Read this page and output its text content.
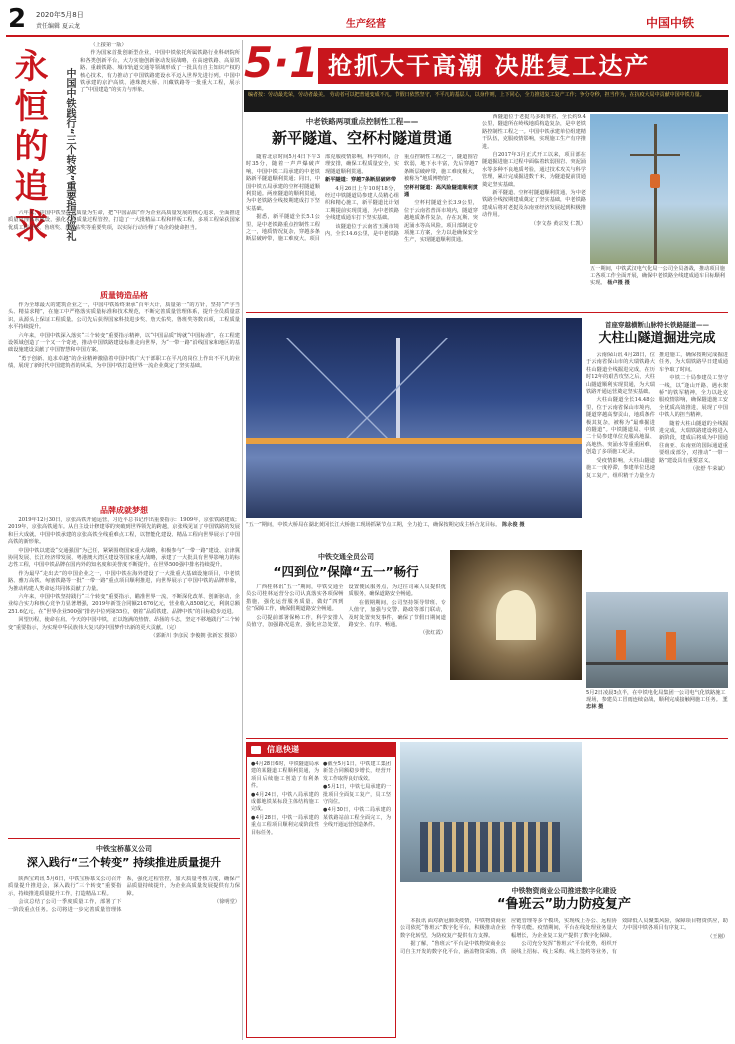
2 2020年5月8日
责任编辑 夏云龙	生产经营	中国中铁
5·1 抢抓大干高潮 决胜复工达产
编者按：劳动最光荣，劳动者最美。 劳动者可以把普通变成不凡。节假日依然坚守，不平凡的基层人，以身作则，上下同心，全力推进复工复产工作；争分夺秒，担当作为，在抗疫大局中贡献中国中铁力量。
永恒的追求	中国中铁践行“三个转变”重要指示巡礼

（上接第一版）

作为国家首批创新型企业，中国中铁依托所属铁路行业科研院所和各类创新平台，大力实施创新驱动发展战略，在高速铁路、高原铁路、重载铁路、城市轨道交通等领域形成了一批具有自主知识产权的核心技术，有力推动了中国铁路建设水平迈入世界先进行列。中国中铁承建的京沪高铁、港珠澳大桥、川藏铁路等一批重大工程，展示了“中国建造”的实力与形象。

六年来，中国中铁坚持以质量为生命，把“中国品质”作为企业高质量发展的核心追求，全面推进质量管理体系建设，强化工程质量过程管控，打造了一大批精品工程和样板工程，多项工程荣获国家优质工程金奖、鲁班奖、詹天佑奖等重要奖项，以实际行动诠释了央企的使命担当。

质量铸造品格

作为全球最大的建筑企业之一，中国中铁始终秉承“百年大计，质量第一”的方针，坚持“严字当头、精益求精”，在施工中严格落实质量标准和技术规范，不断完善质量管理体系，提升全员质量意识，从源头上保证工程质量。公司先后获得国家科技进步奖、詹天佑奖、鲁班奖等数百项，工程质量水平持续提升。

六年来，中国中铁深入落实“三个转变”重要指示精神，以“中国品质”铸就“中国标准”，在工程建设领域创造了一个又一个奇迹，推动中国铁路建设标准走向世界，为“一带一路”沿线国家和地区的基础设施建设贡献了中国智慧和中国方案。

“勇于创新、追求卓越”的企业精神激励着中国中铁广大干部职工在平凡的岗位上作出不平凡的业绩，展现了新时代中国建筑者的风采，为中国中铁打造世界一流企业奠定了坚实基础。

品牌成就梦想

2019年12月30日，京张高铁开通运营，习近平总书记作出重要指示：1909年，京张铁路建成；2019年，京张高铁通车。从自主设计修建零的突破到世界领先的跨越，京张线见证了中国铁路的发展和巨大成就。中国中铁承建的京张高铁全线重难点工程，以智能化建设、精品工程向世界展示了中国高铁的新形象。

中国中铁以建设“交通强国”为己任，紧紧围绕国家重大战略，积极参与“一带一路”建设、京津冀协同发展、长江经济带发展、粤港澳大湾区建设等国家重大战略，承建了一大批具有世界影响力的标志性工程，中国中铁品牌在国内外的知名度和美誉度不断提升，在世界500强中排名持续提升。

作为最早“走出去”的中国企业之一，中国中铁在海外建设了一大批重大基础设施项目，中老铁路、雅万高铁、匈塞铁路等一批“一带一路”重点项目顺利推进，向世界展示了中国中铁的品牌形象，为推动构建人类命运共同体贡献了力量。

六年来，中国中铁坚持践行“三个转变”重要指示，瞄准世界一流，不断深化改革、创新驱动，企业综合实力和核心竞争力显著增强，2019年新签合同额21676亿元，营业收入8508亿元，利润总额251.6亿元，在“世界企业500强”排名中位列第55位，朝着“品质铁建、品牌中铁”的目标稳步迈进。

回望历程，使命在肩。今天的中国中铁，正以饱满的热情、昂扬的斗志，坚定不移地践行“三个转变”重要指示，为实现中华民族伟大复兴的中国梦作出新的更大贡献。（完）

（郭新川 李彦民 李俊朝 张新宏 摄影）

中老铁路两项重点控制性工程——
新平隧道、空杯村隧道贯通

随着北京时间5月4日下午3时35分，随着一声声爆破声响，中国中铁二局承建的中老铁路新平隧道顺利贯通；同日，中国中铁五局承建的空杯村隧道顺利贯通。两座隧道的顺利贯通，为中老铁路全线按期建成打下坚实基础。

据悉，新平隧道全长5.1公里，是中老铁路重点控制性工程之一，地质情况复杂，穿越多条断层破碎带，施工难度大。项目部克服疫情影响，科学组织，合理安排，确保工程质量安全，实现隧道顺利贯通。

新平隧道：穿越7条断层破碎带

4月26日上午10时18分，经过中铁隧道局参建人员精心组织和精心施工，新平隧道比计划工期提前实现贯通，为中老铁路全线建成通车打下坚实基础。

该隧道位于云南省玉溪市境内，全长14.6公里，是中老铁路重点控制性工程之一，隧道围岩软弱，地下水丰富，先后穿越7条断层破碎带，施工难度极大，被称为“地质博物馆”。

空杯村隧道：高风险隧道顺利贯通

空杯村隧道全长3.9公里，位于云南省普洱市境内，隧道穿越地质条件复杂，存在瓦斯、突泥涌水等高风险。项目部制定专项施工方案，全力以赴确保安全生产，实现隧道顺利贯通。

西隧道位于老挝乌多姆赛省，全长约9.4公里，隧道所在岭线地质构造复杂，是中老铁路控制性工程之一。中国中铁承建单位组建精干队伍，克服疫情影响，实现施工生产有序推进。

自2017年3月正式开工以来，项目部在隧道掘进施工过程中面临着软弱围岩、突泥涌水等多种不良地质考验，通过技术攻关与科学管理，累计完成掘进数千米，为隧道提前贯通奠定坚实基础。

新平隧道、空杯村隧道顺利贯通，为中老铁路全线按期建成奠定了坚实基础，中老铁路建成后将对老挝及东南亚经济发展起到积极推动作用。

（李文春 黄宗发 仁凯）

五一期间，中铁武汉电气化局一公司全员备战，推动项目施工各项工作全面开展，确保中老铁路全线建成通车目标顺利实现。 杨卢摄 摄
首座穿越横断山脉特长铁路隧道——
大柱山隧道掘进完成

云南保山讯 4月28日，位于云南省保山市的大瑞铁路大柱山隧道全线掘进完成，在历时12年的艰苦攻坚之后，大柱山隧道顺利实现贯通，为大瑞铁路开通运营奠定坚实基础。

大柱山隧道全长14.48公里，位于云南省保山市境内，隧道穿越高黎贡山，地质条件极其复杂，被称为“最难掘进的隧道”。中铁隧道局、中铁二十局参建单位克服高地温、高地热、突涌水等重重困难，创造了多项施工纪录。

受疫情影响，大柱山隧道施工一度停滞，参建单位迅速复工复产，组织精干力量全力推进施工，确保按期完成掘进任务，为大瑞铁路早日建成通车争取了时间。

中铁二十局参建员工坚守一线，以“逢山开路、遇水架桥”的铁军精神，全力以赴克服疫情影响，确保隧道施工安全优质高效推进，展现了中国中铁人的担当精神。

随着大柱山隧道的全线掘进完成，大瑞铁路建设将进入新阶段，建成后将成为中国通往南亚、东南亚的国际通道重要组成部分，对推动“一带一路”建设具有重要意义。

（张舒 牛荣斌）

“五一”期间，中铁大桥局在湖北黄冈长江大桥施工现场抓紧节点工期，全力抢工，确保按期完成主桥合龙目标。 陈永俊 摄
中铁交通全员公司
“四到位”保障“五一”畅行

广西桂林讯“五一”期间，中铁交通全员公司桂林运营分公司认真落实各项保畅措施，强化运营服务质量，做好“四到位”保障工作，确保假期道路安全畅通。

公司提前部署保畅工作，科学安排人员值守，加强路况巡查，强化应急处置，设置便民服务点，为过往司乘人员提供优质服务，确保道路安全畅通。

在假期期间，公司坚持领导带班、专人值守，加强与交警、路政等部门联动，及时处置突发事件，确保了节假日期间道路安全、有序、畅通。

（张红霞）

5月2日凌晨3点半，在中铁电化局集团一公司电气化铁路施工现场，参建员工冒雨连续奋战，顺利完成接触网施工任务。 王忠林 摄
中铁宝桥慕义公司
深入践行“三个转变” 持续推进质量提升

陕西宝鸡讯 5月6日，中铁宝桥慕义公司召开质量提升推进会，深入践行“三个转变”重要指示，持续推进质量提升工作，打造精品工程。

会议总结了公司一季度质量工作，部署了下一阶段重点任务。公司将进一步完善质量管理体系，强化过程管控，加大质量考核力度，确保产品质量持续提升，为企业高质量发展提供有力保障。

（徐明堂）

信息快递

●4月28日6时，中铁隧道局承建的某隧道工程顺利贯通，为项目后续施工创造了有利条件。

●4月24日，中铁八局承建的成都地铁某标段主体结构施工完成。

●4月28日，中铁一局承建的重点工程项目顺利完成阶段性目标任务。

●截至5月1日，中铁建工集团新签合同额稳步增长，经营开发工作取得良好成效。

●5月1日，中铁七局承建的一批项目全面复工复产，员工坚守岗位。

●4月30日，中铁二局承建的某铁路站前工程全面完工，为全线开通运营创造条件。

中铁物资商业公司推进数字化建设
“鲁班云”助力防疫复产

本报讯 面对新冠肺炎疫情，中铁物资商业公司依托“鲁班云”数字化平台，积极推动企业数字化转型，为防疫复产提供有力支撑。

据了解，“鲁班云”平台是中铁物资商业公司自主开发的数字化平台，涵盖物资采购、供应链管理等多个模块，实现线上办公、远程协作等功能。疫情期间，平台在线处理业务量大幅增长，为企业复工复产提供了数字化保障。

公司充分发挥“鲁班云”平台优势，组织开展线上招标、线上采购、线上签约等业务，有效降低人员聚集风险，保障项目物资供应，助力中国中铁各项目有序复工。

（王刚）
